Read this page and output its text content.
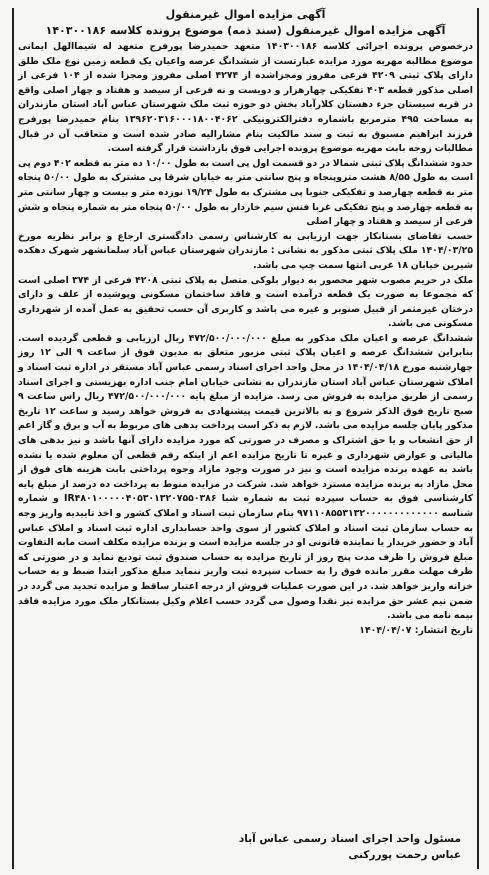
آگهی مزایده اموال غیرمنقول

آگهی مزایده اموال غیرمنقول (سند ذمه) موضوع پرونده کلاسه ۱۴۰۳۰۰۱۸۶

درخصوص پرونده اجرائی کلاسه ۱۴۰۳۰۰۱۸۶ متعهد حمیدرضا پورفرج متعهد له شیماالهل ایمانی موضوع مطالبه مهریه مورد مزایده عبارتست از ششدانگ عرصه واعیان یک قطعه زمین نوع ملک طلق دارای پلاک ثبتی ۴۲۰۹ فرعی مفروز ومجزاشده از ۴۲۷۴ اصلی مفروز ومجزا شده از ۱۰۴ فرعی از اصلی مذکور قطعه ۴۰۳ تفکیکی چهارهزار و دویست و نه فرعی از سیصد و هفتاد و چهار اصلی واقع در قریه سیستان جزء دهستان کلارآباد بخش دو حوزه ثبت ملک شهرستان عباس آباد استان مازندران به مساحت ۴۹۵ مترمربع باشماره دفترالکترونیکی ۱۳۹۶۲۰۳۱۶۰۰۰۱۸۰۰۴۰۶۲ بنام حمیدرضا پورفرج فرزند ابراهیم مسبوق به ثبت و سند مالکیت بنام مشارالیه صادر شده است و متعاقب آن در قبال مطالبات زوجه بابت مهریه موضوع پرونده اجرایی فوق بازداشت قرار گرفته است.

حدود ششدانگ پلاک ثبتی شمالا در دو قسمت اول پی است به طول ۱۰/۰۰ ده متر به قطعه ۴۰۲ دوم پی است به طول ۸/۵۵ هشت متروپنجاه و پنج سانتی متر به خیابان شرقا پی مشترک به طول ۵۰/۰۰ پنجاه متر به قطعه چهارصد و تفکیکی جنوبا پی مشترک به طول ۱۹/۲۴ نوزده متر و بیست و چهار سانتی متر به قطعه چهارصد و پنج تفکیکی غربا فنس سیم خاردار به طول ۵۰/۰۰ پنجاه متر به شماره پنجاه و شش فرعی از سیصد و هفتاد و چهار اصلی

حسب تقاضای بستانکار جهت ارزیابی به کارشناس رسمی دادگستری ارجاع و برابر نظریه مورخ ۱۴۰۴/۰۳/۲۵ ملک پلاک ثبتی مذکور به نشانی : مازندران شهرستان عباس آباد سلمانشهر شهرک دهکده شیرین خیابان ۱۸ غربی انتها سمت چپ می باشد.

ملک در حریم مصوب شهر محصور به دیوار بلوکی متصل به پلاک ثبتی ۴۲۰۸ فرعی از ۳۷۴ اصلی است که مجموعا به صورت یک قطعه درآمده است و فاقد ساختمان مسکونی وپوشیده از علف و دارای درختان غیرمثمر از قبیل صنوبر و غیره می باشد و کاربری آن حسب تحقیق به عمل آمده از شهرداری مسکونی می باشد.

ششدانگ عرصه و اعیان ملک مذکور به مبلغ ۴۷۲/۵۰۰/۰۰۰/۰۰۰ ریال ارزیابی و قطعی گردیده است. بنابراین ششدانگ عرصه و اعیان پلاک ثبتی مزبور متعلق به مدیون فوق از ساعت ۹ الی ۱۲ روز چهارشنبه مورخ ۱۴۰۴/۰۴/۱۸ در محل واحد اجرای اسناد رسمی عباس آباد مستقر در اداره ثبت اسناد و املاک شهرستان عباس آباد استان مازندران به نشانی خیابان امام جنب اداره بهزیستی و اجرای اسناد رسمی از طریق مزایده به فروش می رسد. مزایده از مبلغ پایه ۴۷۲/۵۰۰/۰۰۰/۰۰۰ ریال راس ساعت ۹ صبح تاریخ فوق الذکر شروع و به بالاترین قیمت پیشنهادی به فروش خواهد رسید و ساعت ۱۲ تاریخ مذکور پایان جلسه مزایده می باشد. لازم به ذکر است پرداخت بدهی های مربوط به آب و برق و گاز اعم از حق انشعاب و یا حق اشتراک و مصرف در صورتی که مورد مزایده دارای آنها باشد و نیز بدهی های مالیاتی و عوارض شهرداری و غیره تا تاریخ مزایده اعم از اینکه رقم قطعی آن معلوم شده یا نشده باشد به عهده برنده مزایده است و نیز در صورت وجود مازاد وجوه پرداختی بابت هزینه های فوق از محل مازاد به برنده مزایده مسترد خواهد شد. شرکت در مزایده منوط به پرداخت ده درصد از مبلغ پایه کارشناسی فوق به حساب سپرده ثبت به شماره شبا IR۴۸۰۱۰۰۰۰۰۴۰۵۳۰۱۳۲۰۷۵۵۰۳۸۶ و شماره شناسه ۹۷۱۱۰۸۵۵۳۱۳۲۰۰۰۰۰۰۰۰۰۰۰۰۰ بنام سازمان ثبت اسناد و املاک کشور و اخذ تاییدیه واریز وجه به حساب سازمان ثبت اسناد و املاک کشور از سوی واحد حسابداری اداره ثبت اسناد و املاک عباس آباد و حضور خریدار یا نماینده قانونی او در جلسه مزایده است و برنده مزایده مکلف است مابه التفاوت مبلغ فروش را ظرف مدت پنج روز از تاریخ مزایده به حساب صندوق ثبت تودیع نماید و در صورتی که ظرف مهلت مقرر مانده فوق را به حساب سپرده ثبت واریز ننماید مبلغ مذکور ابتدا ضبط و به حساب خزانه واریز خواهد شد. در این صورت عملیات فروش از درجه اعتبار ساقط و مزایده تجدید می گردد در ضمن نیم عشر حق مزایده نیز نقدا وصول می گردد حسب اعلام وکیل بستانکار ملک مورد مزایده فاقد بیمه نامه می باشد.

تاریخ انتشار: ۱۴۰۴/۰۴/۰۷

مسئول واحد اجرای اسناد رسمی عباس آباد

عباس رحمت پوررکنی
